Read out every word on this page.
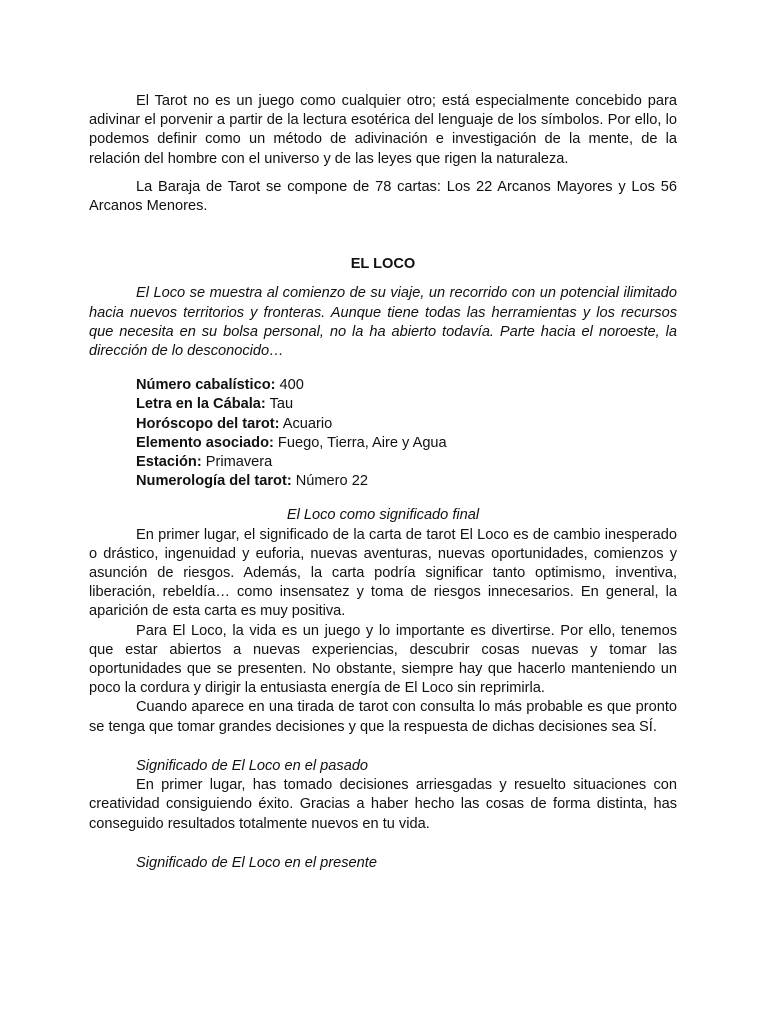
El Tarot no es un juego como cualquier otro; está especialmente concebido para adivinar el porvenir a partir de la lectura esotérica del lenguaje de los símbolos. Por ello, lo podemos definir como un método de adivinación e investigación de la mente, de la relación del hombre con el universo y de las leyes que rigen la naturaleza.

La Baraja de Tarot se compone de 78 cartas: Los 22 Arcanos Mayores y Los 56 Arcanos Menores.

EL LOCO

El Loco se muestra al comienzo de su viaje, un recorrido con un potencial ilimitado hacia nuevos territorios y fronteras. Aunque tiene todas las herramientas y los recursos que necesita en su bolsa personal, no la ha abierto todavía. Parte hacia el noroeste, la dirección de lo desconocido…

Número cabalístico: 400

Letra en la Cábala: Tau

Horóscopo del tarot: Acuario

Elemento asociado: Fuego, Tierra, Aire y Agua

Estación: Primavera

Numerología del tarot: Número 22

El Loco como significado final

En primer lugar, el significado de la carta de tarot El Loco es de cambio inesperado o drástico, ingenuidad y euforia, nuevas aventuras, nuevas oportunidades, comienzos y asunción de riesgos. Además, la carta podría significar tanto optimismo, inventiva, liberación, rebeldía… como insensatez y toma de riesgos innecesarios. En general, la aparición de esta carta es muy positiva.

Para El Loco, la vida es un juego y lo importante es divertirse. Por ello, tenemos que estar abiertos a nuevas experiencias, descubrir cosas nuevas y tomar las oportunidades que se presenten. No obstante, siempre hay que hacerlo manteniendo un poco la cordura y dirigir la entusiasta energía de El Loco sin reprimirla.

Cuando aparece en una tirada de tarot con consulta lo más probable es que pronto se tenga que tomar grandes decisiones y que la respuesta de dichas decisiones sea SÍ.

Significado de El Loco en el pasado

En primer lugar, has tomado decisiones arriesgadas y resuelto situaciones con creatividad consiguiendo éxito. Gracias a haber hecho las cosas de forma distinta, has conseguido resultados totalmente nuevos en tu vida.

Significado de El Loco en el presente
